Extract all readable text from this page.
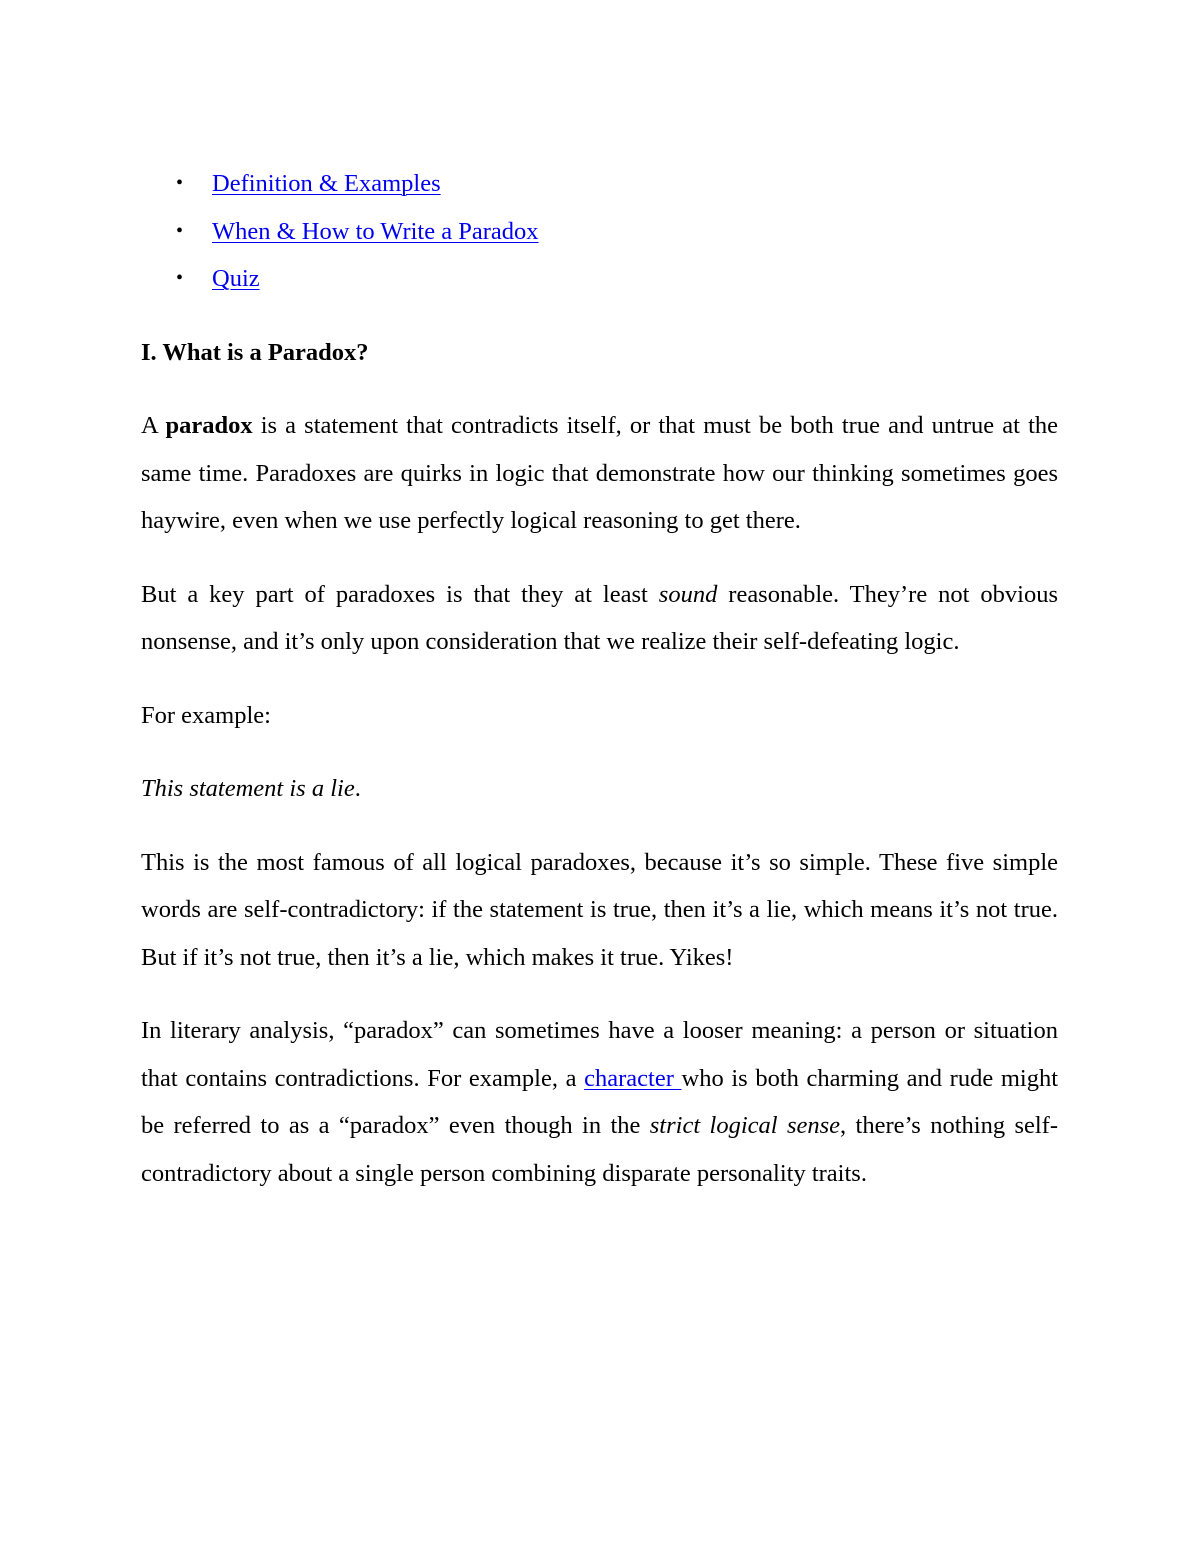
• Definition & Examples
• When & How to Write a Paradox
• Quiz
I. What is a Paradox?

A paradox is a statement that contradicts itself, or that must be both true and untrue at the same time. Paradoxes are quirks in logic that demonstrate how our thinking sometimes goes haywire, even when we use perfectly logical reasoning to get there.

But a key part of paradoxes is that they at least sound reasonable. They’re not obvious nonsense, and it’s only upon consideration that we realize their self-defeating logic.

For example:

This statement is a lie.

This is the most famous of all logical paradoxes, because it’s so simple. These five simple words are self-contradictory: if the statement is true, then it’s a lie, which means it’s not true. But if it’s not true, then it’s a lie, which makes it true. Yikes!

In literary analysis, “paradox” can sometimes have a looser meaning: a person or situation that contains contradictions. For example, a character who is both charming and rude might be referred to as a “paradox” even though in the strict logical sense, there’s nothing self-contradictory about a single person combining disparate personality traits.
